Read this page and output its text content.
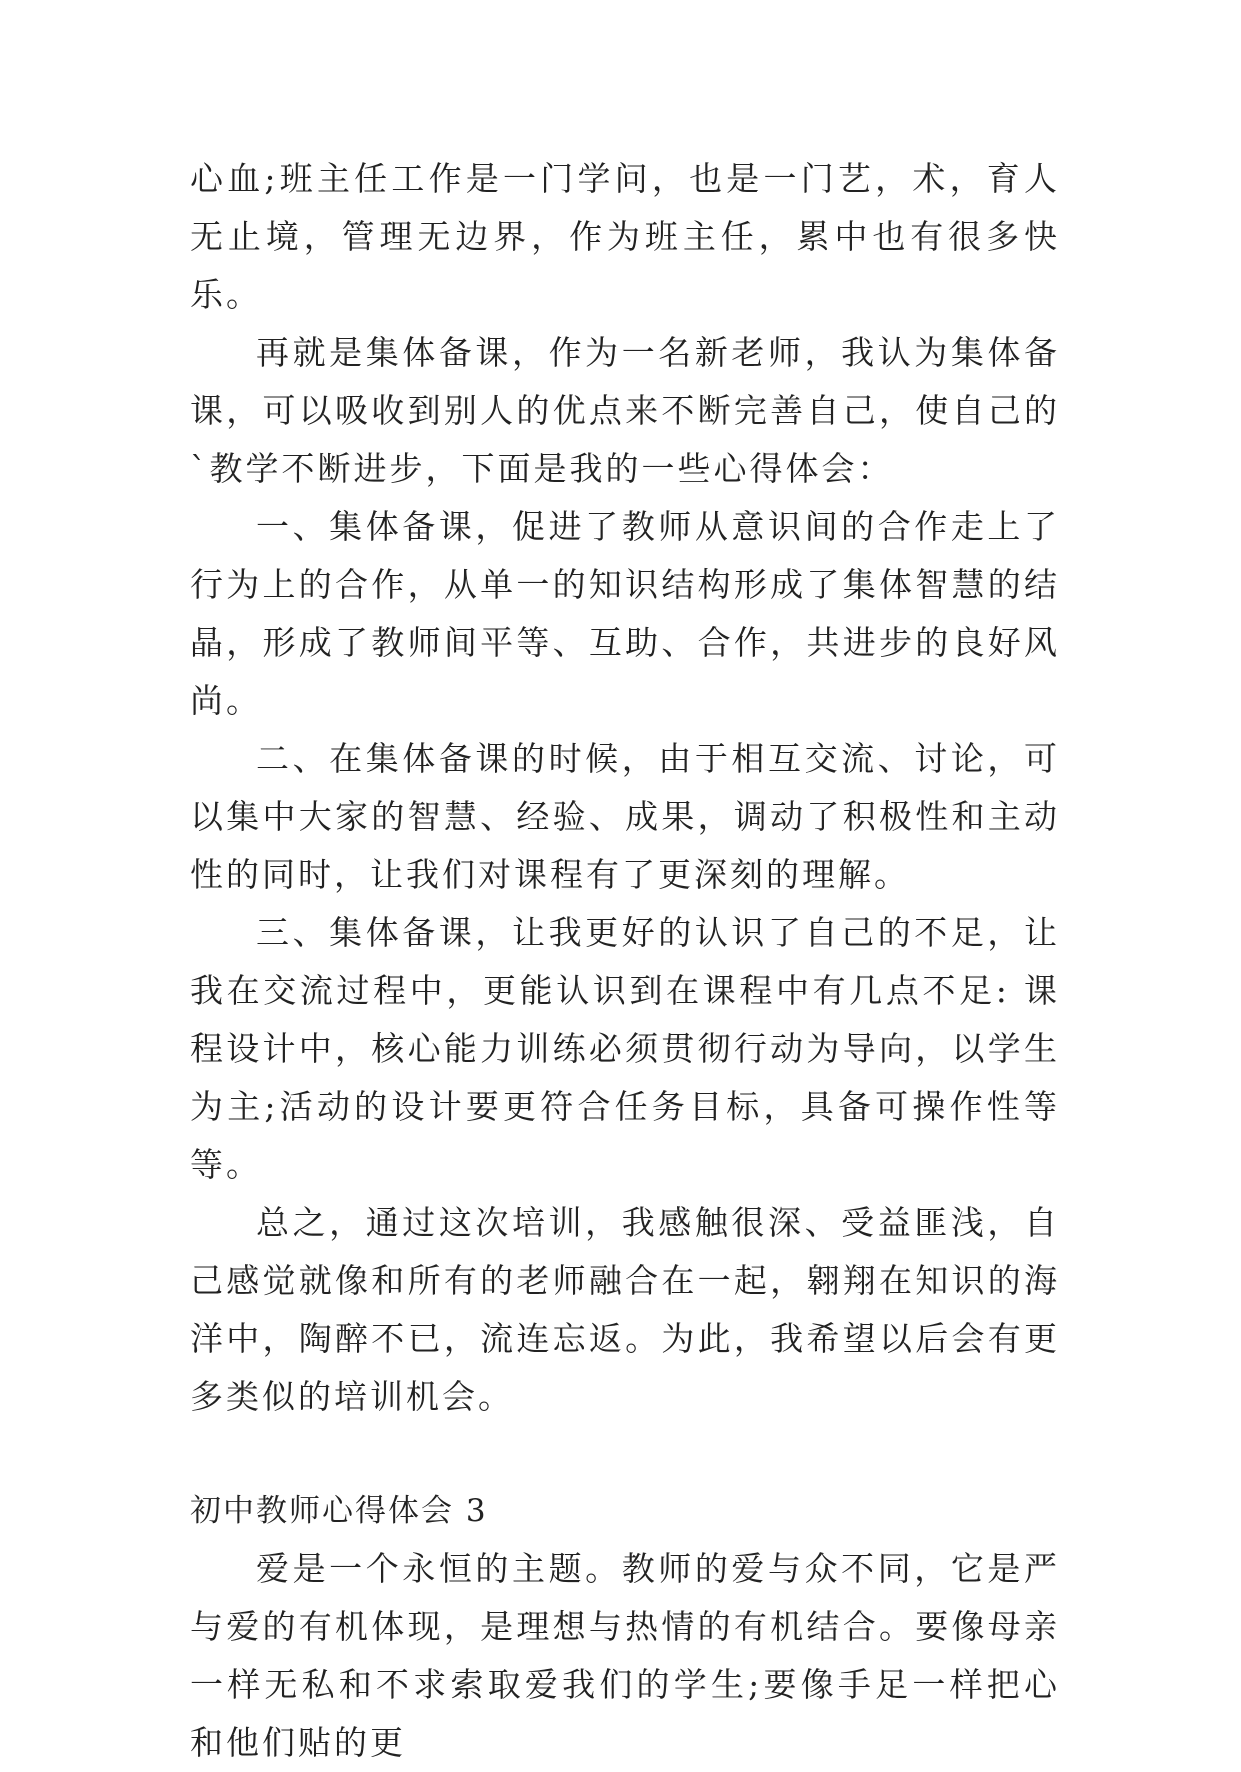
心血;班主任工作是一门学问，也是一门艺，术，育人无止境，管理无边界，作为班主任，累中也有很多快乐。

再就是集体备课，作为一名新老师，我认为集体备课，可以吸收到别人的优点来不断完善自己，使自己的`教学不断进步，下面是我的一些心得体会：

一、集体备课，促进了教师从意识间的合作走上了行为上的合作，从单一的知识结构形成了集体智慧的结晶，形成了教师间平等、互助、合作，共进步的良好风尚。

二、在集体备课的时候，由于相互交流、讨论，可以集中大家的智慧、经验、成果，调动了积极性和主动性的同时，让我们对课程有了更深刻的理解。

三、集体备课，让我更好的认识了自己的不足，让我在交流过程中，更能认识到在课程中有几点不足: 课程设计中，核心能力训练必须贯彻行动为导向，以学生为主;活动的设计要更符合任务目标，具备可操作性等等。

总之，通过这次培训，我感触很深、受益匪浅，自己感觉就像和所有的老师融合在一起，翱翔在知识的海洋中，陶醉不已，流连忘返。为此，我希望以后会有更多类似的培训机会。

初中教师心得体会 3

爱是一个永恒的主题。教师的爱与众不同，它是严与爱的有机体现，是理想与热情的有机结合。要像母亲一样无私和不求索取爱我们的学生;要像手足一样把心和他们贴的更
